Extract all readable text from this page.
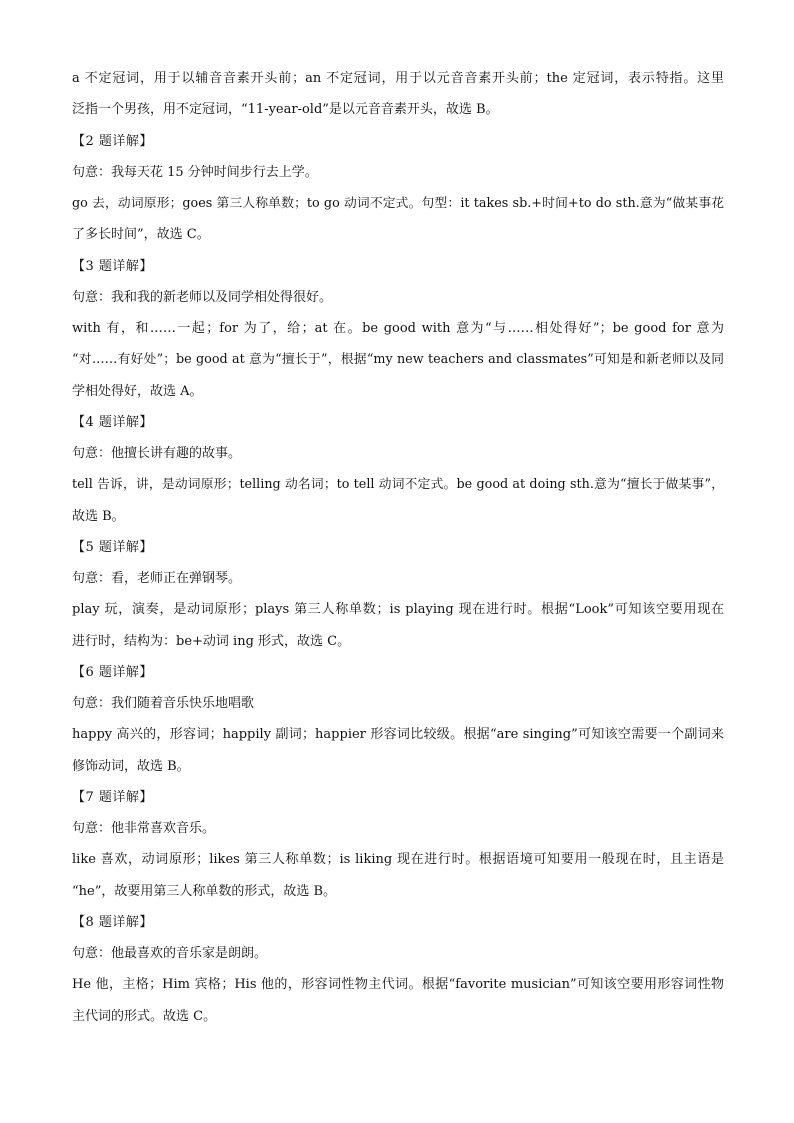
a 不定冠词，用于以辅音音素开头前；an 不定冠词，用于以元音音素开头前；the 定冠词，表示特指。这里
泛指一个男孩，用不定冠词，“11-year-old”是以元音音素开头，故选 B。
【2 题详解】
句意：我每天花 15 分钟时间步行去上学。
go 去，动词原形；goes 第三人称单数；to go 动词不定式。句型：it takes sb.+时间+to do sth.意为“做某事花
了多长时间”，故选 C。
【3 题详解】
句意：我和我的新老师以及同学相处得很好。
with 有，和……一起；for 为了，给；at 在。be good with 意为“与……相处得好”；be good for 意为
“对……有好处”；be good at 意为“擅长于”，根据“my new teachers and classmates”可知是和新老师以及同
学相处得好，故选 A。
【4 题详解】
句意：他擅长讲有趣的故事。
tell 告诉，讲，是动词原形；telling 动名词；to tell 动词不定式。be good at doing sth.意为“擅长于做某事”，
故选 B。
【5 题详解】
句意：看，老师正在弹钢琴。
play 玩，演奏，是动词原形；plays 第三人称单数；is playing 现在进行时。根据“Look”可知该空要用现在
进行时，结构为：be+动词 ing 形式，故选 C。
【6 题详解】
句意：我们随着音乐快乐地唱歌
happy 高兴的，形容词；happily 副词；happier 形容词比较级。根据“are singing”可知该空需要一个副词来
修饰动词，故选 B。
【7 题详解】
句意：他非常喜欢音乐。
like 喜欢，动词原形；likes 第三人称单数；is liking 现在进行时。根据语境可知要用一般现在时，且主语是
“he”，故要用第三人称单数的形式，故选 B。
【8 题详解】
句意：他最喜欢的音乐家是朗朗。
He 他，主格；Him 宾格；His 他的，形容词性物主代词。根据“favorite musician”可知该空要用形容词性物
主代词的形式。故选 C。
